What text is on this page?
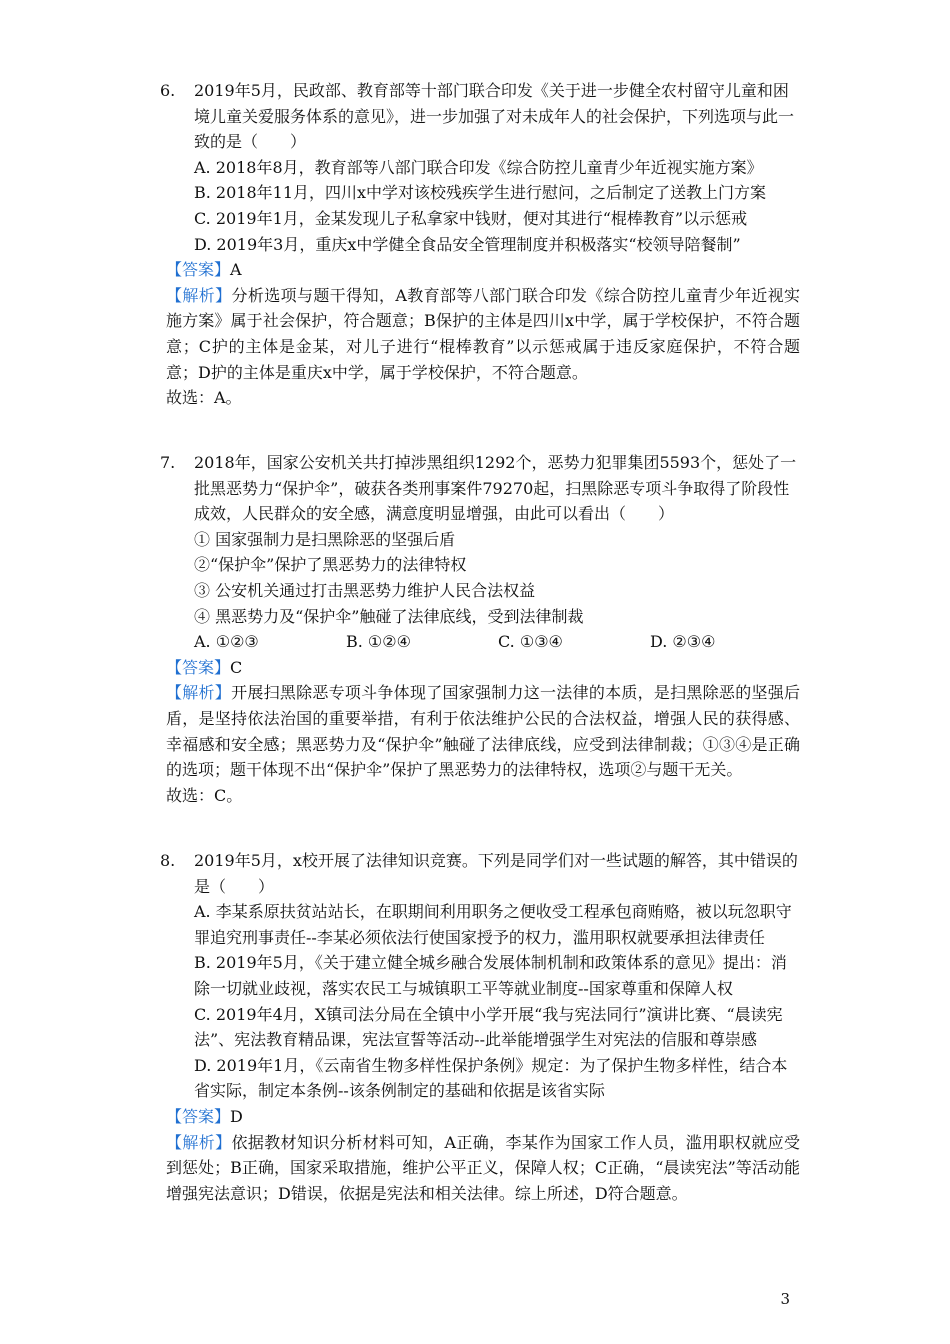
6.	2019年5月，民政部、教育部等十部门联合印发《关于进一步健全农村留守儿童和困境儿童关爱服务体系的意见》，进一步加强了对未成年人的社会保护，下列选项与此一致的是（　　）
A. 2018年8月，教育部等八部门联合印发《综合防控儿童青少年近视实施方案》
B. 2018年11月，四川x中学对该校残疾学生进行慰问，之后制定了送教上门方案
C. 2019年1月，金某发现儿子私拿家中钱财，便对其进行“棍棒教育”以示惩戒
D. 2019年3月，重庆x中学健全食品安全管理制度并积极落实“校领导陪餐制”
【答案】A
【解析】分析选项与题干得知，A教育部等八部门联合印发《综合防控儿童青少年近视实施方案》属于社会保护，符合题意；B保护的主体是四川x中学，属于学校保护，不符合题意；C护的主体是金某，对儿子进行“棍棒教育”以示惩戒属于违反家庭保护，不符合题意；D护的主体是重庆x中学，属于学校保护，不符合题意。
故选：A。
7.	2018年，国家公安机关共打掉涉黑组织1292个，恶势力犯罪集团5593个，惩处了一批黑恶势力“保护伞”，破获各类刑事案件79270起，扫黑除恶专项斗争取得了阶段性成效，人民群众的安全感，满意度明显增强，由此可以看出（　　）
① 国家强制力是扫黑除恶的坚强后盾
②“保护伞”保护了黑恶势力的法律特权
③ 公安机关通过打击黑恶势力维护人民合法权益
④ 黑恶势力及“保护伞”触碰了法律底线，受到法律制裁
A. ①②③	B. ①②④	C. ①③④	D. ②③④
【答案】C
【解析】开展扫黑除恶专项斗争体现了国家强制力这一法律的本质，是扫黑除恶的坚强后盾，是坚持依法治国的重要举措，有利于依法维护公民的合法权益，增强人民的获得感、幸福感和安全感；黑恶势力及“保护伞”触碰了法律底线，应受到法律制裁；①③④是正确的选项；题干体现不出“保护伞”保护了黑恶势力的法律特权，选项②与题干无关。
故选：C。
8.	2019年5月，x校开展了法律知识竞赛。下列是同学们对一些试题的解答，其中错误的是（　　）
A. 李某系原扶贫站站长，在职期间利用职务之便收受工程承包商贿赂，被以玩忽职守罪追究刑事责任--李某必须依法行使国家授予的权力，滥用职权就要承担法律责任
B. 2019年5月，《关于建立健全城乡融合发展体制机制和政策体系的意见》提出：消除一切就业歧视，落实农民工与城镇职工平等就业制度--国家尊重和保障人权
C. 2019年4月，X镇司法分局在全镇中小学开展“我与宪法同行”演讲比赛、“晨读宪法”、宪法教育精品课，宪法宣誓等活动--此举能增强学生对宪法的信服和尊崇感
D. 2019年1月，《云南省生物多样性保护条例》规定：为了保护生物多样性，结合本省实际，制定本条例--该条例制定的基础和依据是该省实际
【答案】D
【解析】依据教材知识分析材料可知，A正确，李某作为国家工作人员，滥用职权就应受到惩处；B正确，国家采取措施，维护公平正义，保障人权；C正确，“晨读宪法”等活动能增强宪法意识；D错误，依据是宪法和相关法律。综上所述，D符合题意。
3
